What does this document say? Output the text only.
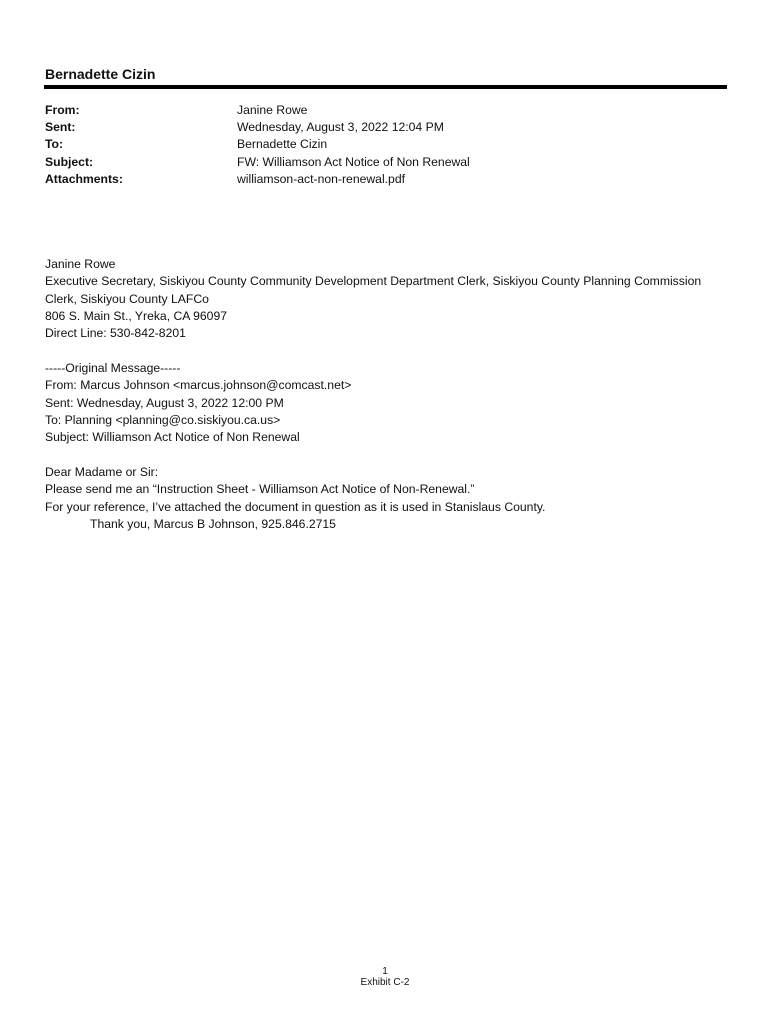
Bernadette Cizin
From:	Janine Rowe
Sent:	Wednesday, August 3, 2022 12:04 PM
To:	Bernadette Cizin
Subject:	FW: Williamson Act Notice of Non Renewal
Attachments:	williamson-act-non-renewal.pdf
Janine Rowe
Executive Secretary, Siskiyou County Community Development Department Clerk, Siskiyou County Planning Commission
Clerk, Siskiyou County LAFCo
806 S. Main St., Yreka, CA 96097
Direct Line: 530-842-8201
-----Original Message-----
From: Marcus Johnson <marcus.johnson@comcast.net>
Sent: Wednesday, August 3, 2022 12:00 PM
To: Planning <planning@co.siskiyou.ca.us>
Subject: Williamson Act Notice of Non Renewal
Dear Madame or Sir:
Please send me an “Instruction Sheet - Williamson Act Notice of Non-Renewal.”
For your reference, I’ve attached the document in question as it is used in Stanislaus County.
Thank you, Marcus B Johnson, 925.846.2715
1
Exhibit C-2
